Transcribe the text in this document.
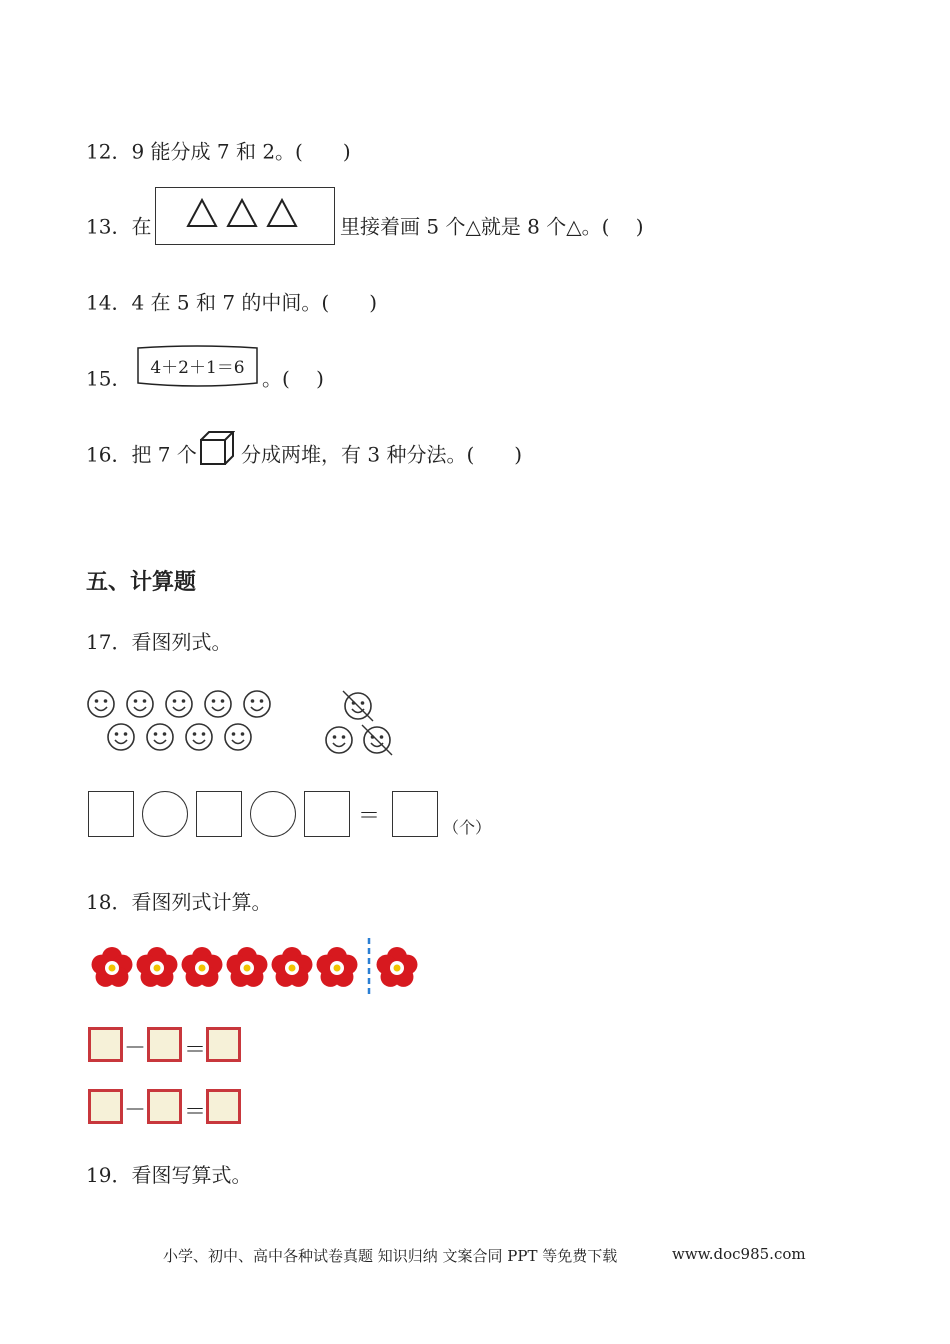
12．9 能分成 7 和 2。(　　)
13．在	里接着画 5 个△就是 8 个△。(　 )
14．4 在 5 和 7 的中间。(　　)
15．	4＋2＋1＝6 。(　 )
16．把 7 个 分成两堆，有 3 种分法。(　　)
五、计算题
17．看图列式。
＝	（个）
18．看图列式计算。
－ ＝
－ ＝
19．看图写算式。
小学、初中、高中各种试卷真题 知识归纳 文案合同 PPT 等免费下载	www.doc985.com
